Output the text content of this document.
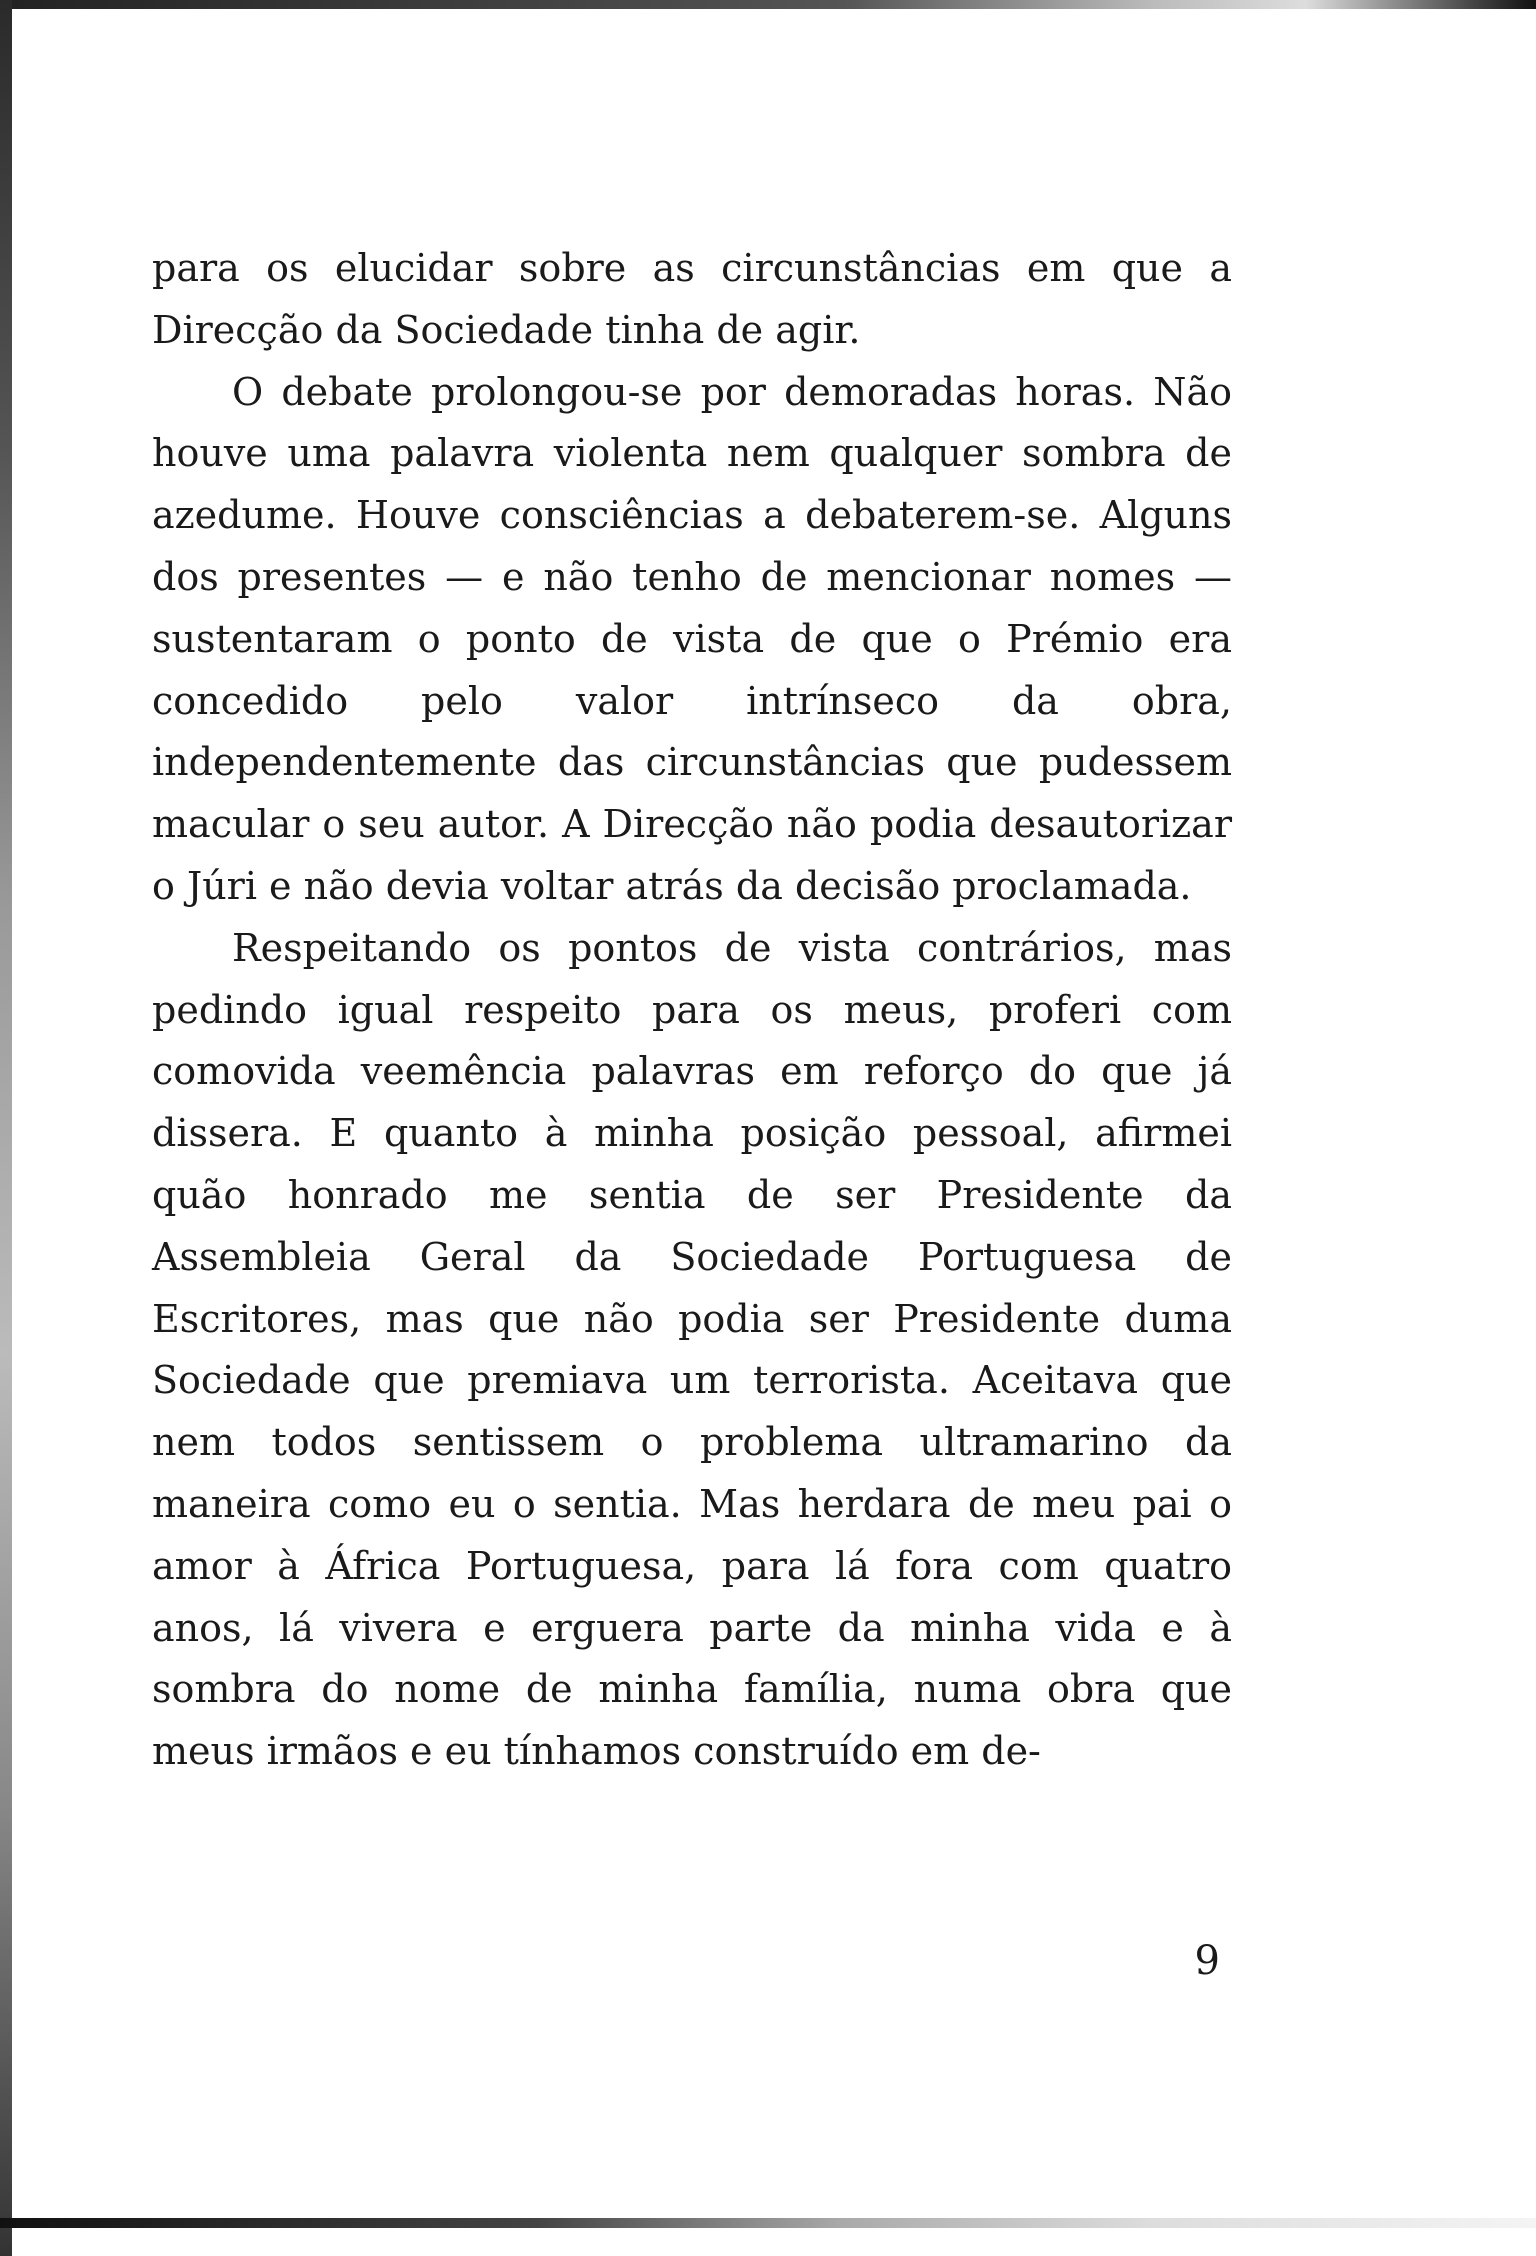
para os elucidar sobre as circunstâncias em que a Direcção da Sociedade tinha de agir.

O debate prolongou-se por demoradas horas. Não houve uma palavra violenta nem qualquer sombra de azedume. Houve consciências a debaterem-se. Alguns dos presentes — e não tenho de mencionar nomes — sustentaram o ponto de vista de que o Prémio era concedido pelo valor intrínseco da obra, independentemente das circunstâncias que pudessem macular o seu autor. A Direcção não podia desautorizar o Júri e não devia voltar atrás da decisão proclamada.

Respeitando os pontos de vista contrários, mas pedindo igual respeito para os meus, proferi com comovida veemência palavras em reforço do que já dissera. E quanto à minha posição pessoal, afirmei quão honrado me sentia de ser Presidente da Assembleia Geral da Sociedade Portuguesa de Escritores, mas que não podia ser Presidente duma Sociedade que premiava um terrorista. Aceitava que nem todos sentissem o problema ultramarino da maneira como eu o sentia. Mas herdara de meu pai o amor à África Portuguesa, para lá fora com quatro anos, lá vivera e erguera parte da minha vida e à sombra do nome de minha família, numa obra que meus irmãos e eu tínhamos construído em de-

9
